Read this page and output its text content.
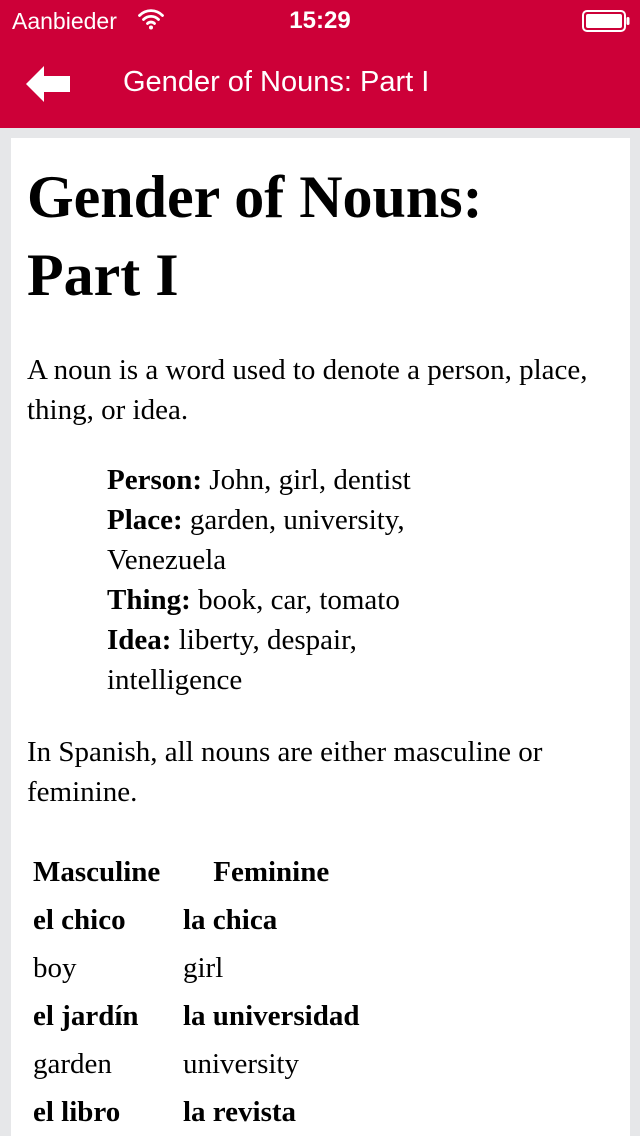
Aanbieder	15:29
Gender of Nouns: Part I
Gender of Nouns: Part I

A noun is a word used to denote a person, place, thing, or idea.

Person: John, girl, dentist
Place: garden, university, Venezuela
Thing: book, car, tomato
Idea: liberty, despair, intelligence

In Spanish, all nouns are either masculine or feminine.

Masculine	Feminine
el chico	la chica
boy	girl
el jardín	la universidad
garden	university
el libro	la revista
